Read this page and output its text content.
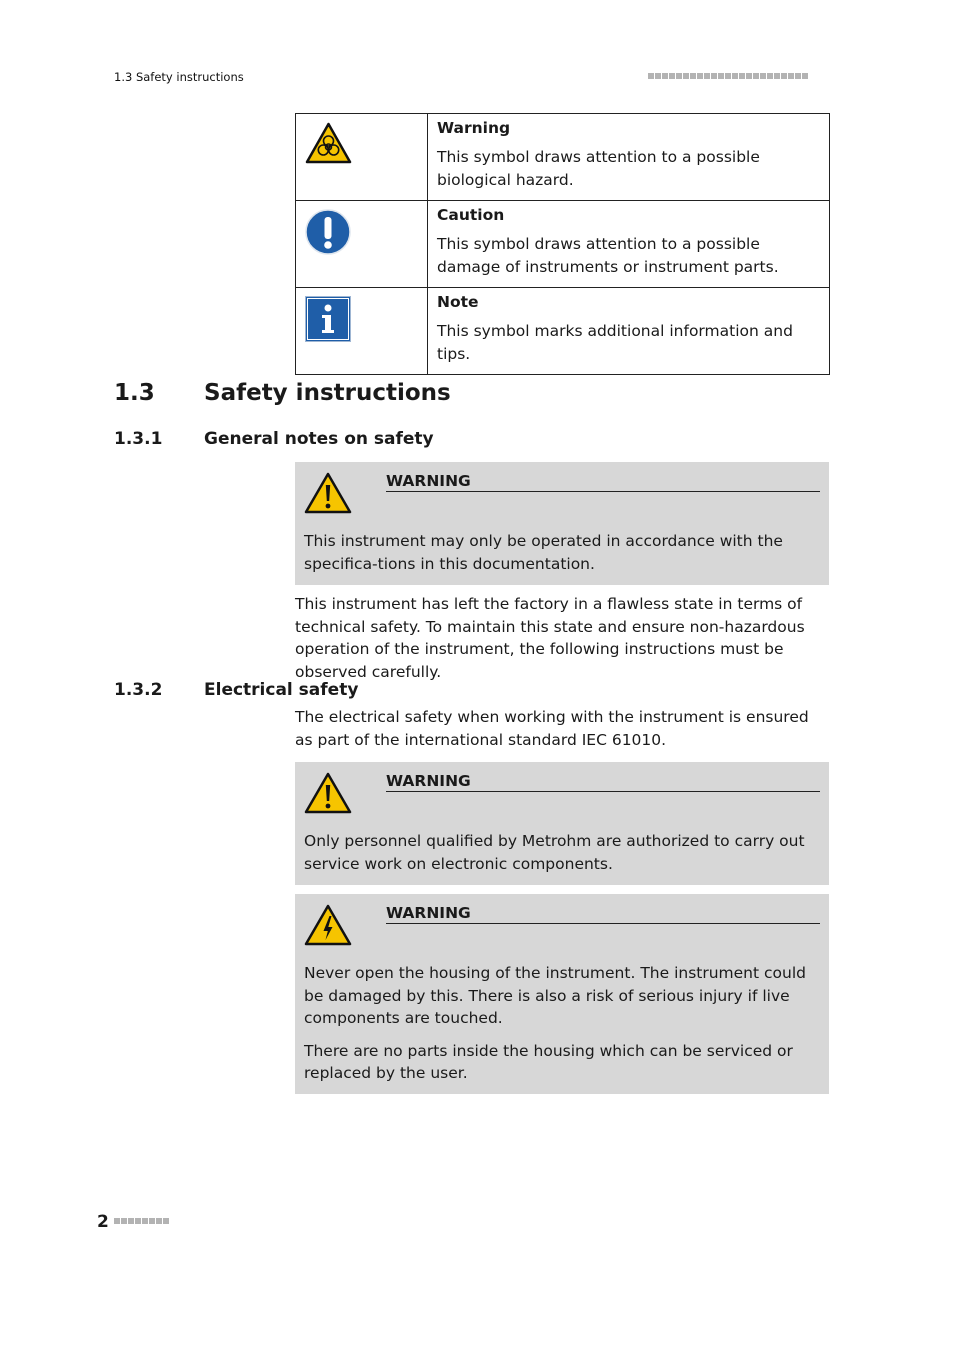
1.3 Safety instructions

Warning

This symbol draws attention to a possible biological hazard.

Caution

This symbol draws attention to a possible damage of instruments or instrument parts.

Note

This symbol marks additional information and tips.

1.3 Safety instructions
1.3.1 General notes on safety
WARNING

This instrument may only be operated in accordance with the specifica-tions in this documentation.

This instrument has left the factory in a flawless state in terms of technical safety. To maintain this state and ensure non-hazardous operation of the instrument, the following instructions must be observed carefully.

1.3.2 Electrical safety

The electrical safety when working with the instrument is ensured as part of the international standard IEC 61010.

WARNING

Only personnel qualified by Metrohm are authorized to carry out service work on electronic components.

WARNING

Never open the housing of the instrument. The instrument could be damaged by this. There is also a risk of serious injury if live components are touched.

There are no parts inside the housing which can be serviced or replaced by the user.

2
